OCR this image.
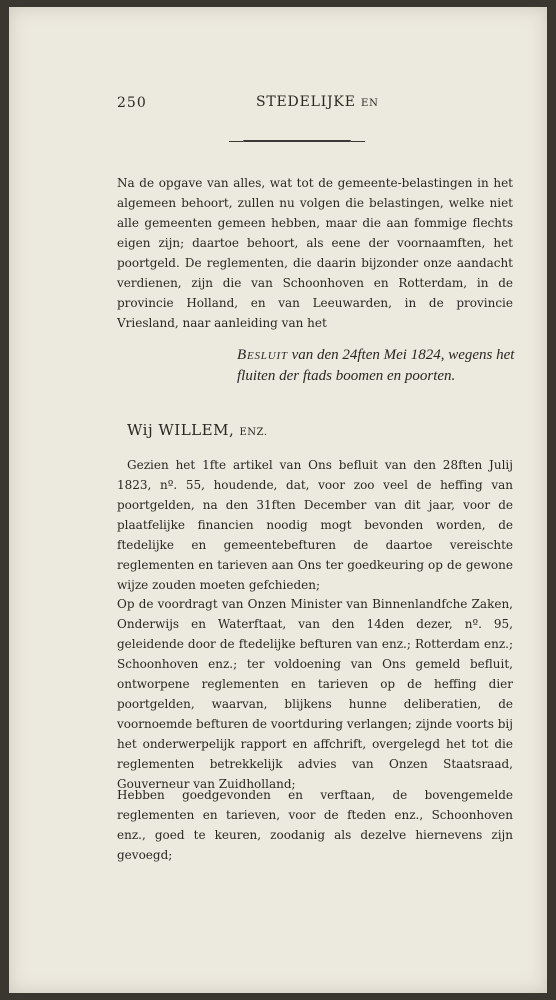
250	STEDELIJKE EN

Na de opgave van alles, wat tot de gemeente-belastingen in het algemeen behoort, zullen nu volgen die belastingen, welke niet alle gemeenten gemeen hebben, maar die aan fommige flechts eigen zijn; daartoe behoort, als eene der voornaamften, het poortgeld. De reglementen, die daarin bijzonder onze aandacht verdienen, zijn die van Schoonhoven en Rotterdam, in de provincie Holland, en van Leeuwarden, in de provincie Vriesland, naar aanleiding van het

Besluit van den 24ften Mei 1824, wegens het fluiten der ftads boomen en poorten.

Wij WILLEM, ENZ.

Gezien het 1fte artikel van Ons befluit van den 28ften Julij 1823, nº. 55, houdende, dat, voor zoo veel de heffing van poortgelden, na den 31ften December van dit jaar, voor de plaatfelijke financien noodig mogt bevonden worden, de ftedelijke en gemeentebefturen de daartoe vereischte reglementen en tarieven aan Ons ter goedkeuring op de gewone wijze zouden moeten gefchieden;

Op de voordragt van Onzen Minister van Binnenlandfche Zaken, Onderwijs en Waterftaat, van den 14den dezer, nº. 95, geleidende door de ftedelijke befturen van enz.; Rotterdam enz.; Schoonhoven enz.; ter voldoening van Ons gemeld befluit, ontworpene reglementen en tarieven op de heffing dier poortgelden, waarvan, blijkens hunne deliberatien, de voornoemde befturen de voortduring verlangen; zijnde voorts bij het onderwerpelijk rapport en affchrift, overgelegd het tot die reglementen betrekkelijk advies van Onzen Staatsraad, Gouverneur van Zuidholland;

Hebben goedgevonden en verftaan, de bovengemelde reglementen en tarieven, voor de fteden enz., Schoonhoven enz., goed te keuren, zoodanig als dezelve hiernevens zijn gevoegd;
